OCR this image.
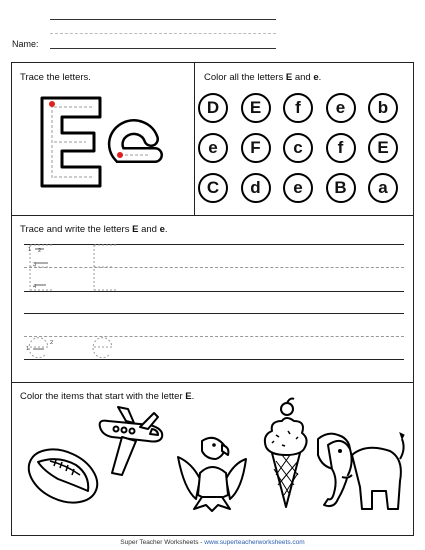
Name:
Trace the letters.	Color all the letters E and e.
D	E	f	e	b
e	F	c	f	E
C	d	e	B	a
Trace and write the letters E and e.
1 2
3
4
1
2
Color the items that start with the letter E.
Super Teacher Worksheets - www.superteacherworksheets.com
